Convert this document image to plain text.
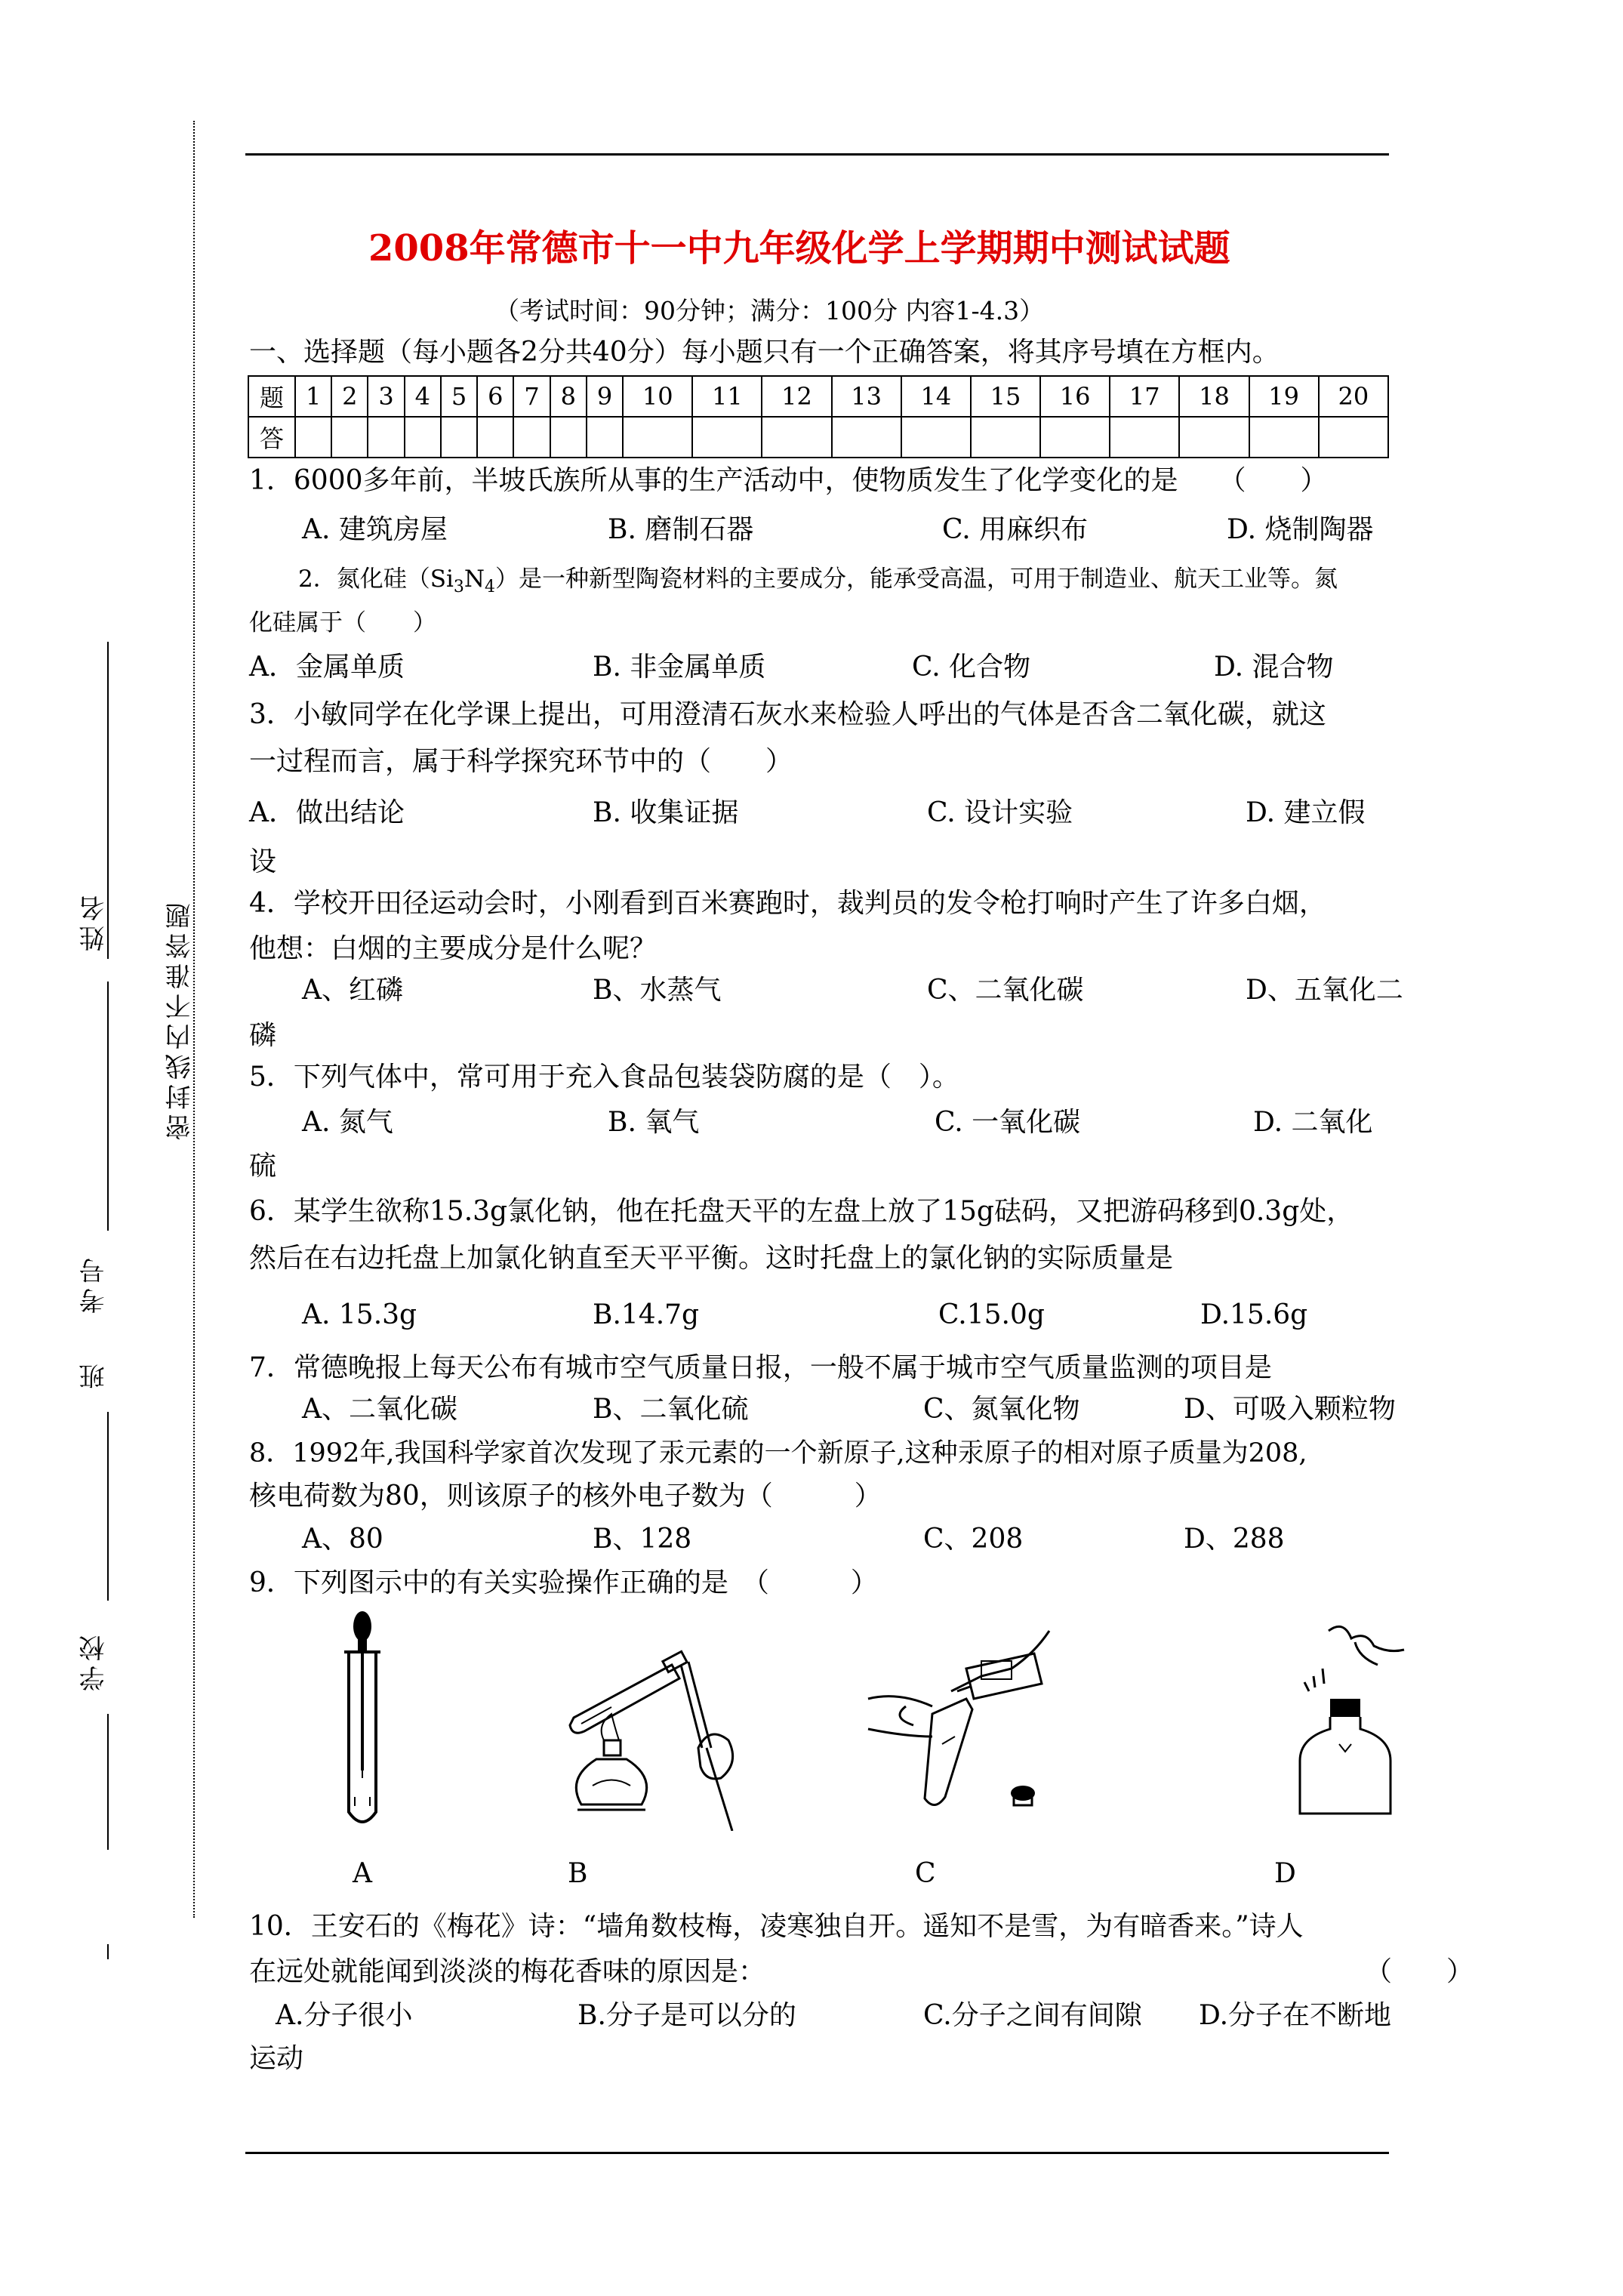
密封线内不准答题
姓名
考号
班
学校
2008年常德市十一中九年级化学上学期期中测试试题
（考试时间：90分钟；满分：100分 内容1-4.3）
一、选择题（每小题各2分共40分）每小题只有一个正确答案，将其序号填在方框内。
题	1	2	3	4	5	6	7	8	9	10	11	12	13	14	15	16	17	18	19	20
答																				
1．6000多年前，半坡氏族所从事的生产活动中，使物质发生了化学变化的是　　（　　）
A. 建筑房屋	B. 磨制石器	C. 用麻织布	D. 烧制陶器
2．氮化硅$(Si_3N_4)$是一种新型陶瓷材料的主要成分，能承受高温，可用于制造业、航天工业等。氮
化硅属于（　　）
A．金属单质	B. 非金属单质	C. 化合物	D. 混合物
3．小敏同学在化学课上提出，可用澄清石灰水来检验人呼出的气体是否含二氧化碳，就这
一过程而言，属于科学探究环节中的（　　）
A．做出结论	B. 收集证据	C. 设计实验	D. 建立假
设
4．学校开田径运动会时，小刚看到百米赛跑时，裁判员的发令枪打响时产生了许多白烟，
他想：白烟的主要成分是什么呢？
A、红磷	B、水蒸气	C、二氧化碳	D、五氧化二
磷
5．下列气体中，常可用于充入食品包装袋防腐的是（　）。
A. 氮气	B. 氧气	C. 一氧化碳	D. 二氧化
硫
6．某学生欲称15.3g氯化钠，他在托盘天平的左盘上放了15g砝码，又把游码移到0.3g处，
然后在右边托盘上加氯化钠直至天平平衡。这时托盘上的氯化钠的实际质量是
A. 15.3g	B.14.7g	C.15.0g	D.15.6g
7．常德晚报上每天公布有城市空气质量日报，一般不属于城市空气质量监测的项目是
A、二氧化碳	B、二氧化硫	C、氮氧化物	D、可吸入颗粒物
8．1992年,我国科学家首次发现了汞元素的一个新原子,这种汞原子的相对原子质量为208,
核电荷数为80，则该原子的核外电子数为（　　　）
A、80	B、128	C、208	D、288
9．下列图示中的有关实验操作正确的是　（　　　）
A	B	C	D
10．王安石的《梅花》诗：“墙角数枝梅，凌寒独自开。遥知不是雪，为有暗香来。”诗人
在远处就能闻到淡淡的梅花香味的原因是：	（　　）
A.分子很小	B.分子是可以分的	C.分子之间有间隙 D.分子在不断地
运动
